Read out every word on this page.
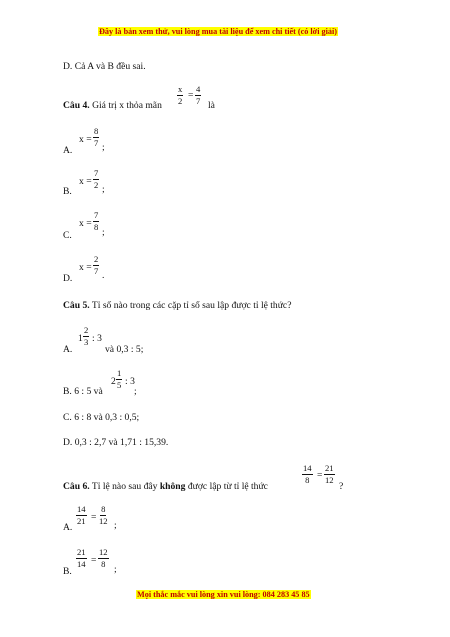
Đây là bản xem thử, vui lòng mua tài liệu để xem chi tiết (có lời giải)
D. Cả A và B đều sai.
Câu 4. Giá trị x thỏa mãn $\frac{x}{2} = \frac{4}{7}$ là
A.
$x = \frac{8}{7}$ ;
B.
$x = \frac{7}{2}$ ;
C.
$x = \frac{7}{8}$
;
D.
$x = \frac{2}{7}$ .
Câu 5. Tỉ số nào trong các cặp tỉ số sau lập được tỉ lệ thức?
A.
$1 \frac{2}{3}$ : 3
và 0,3 : 5;
B. 6 : 5 và
$2 \frac{1}{5}$ : 3
;
C. 6 : 8 và 0,3 : 0,5;
D. 0,3 : 2,7 và 1,71 : 15,39.
Câu 6. Tỉ lệ nào sau đây không được lập từ tỉ lệ thức
$\frac{14}{8} = \frac{21}{12}$
?
A.
$\frac{14}{21} = \frac{8}{12}$ ;
B.
$\frac{21}{14} = \frac{12}{8}$
;
Mọi thắc mắc vui lòng xin vui lòng: 084 283 45 85
